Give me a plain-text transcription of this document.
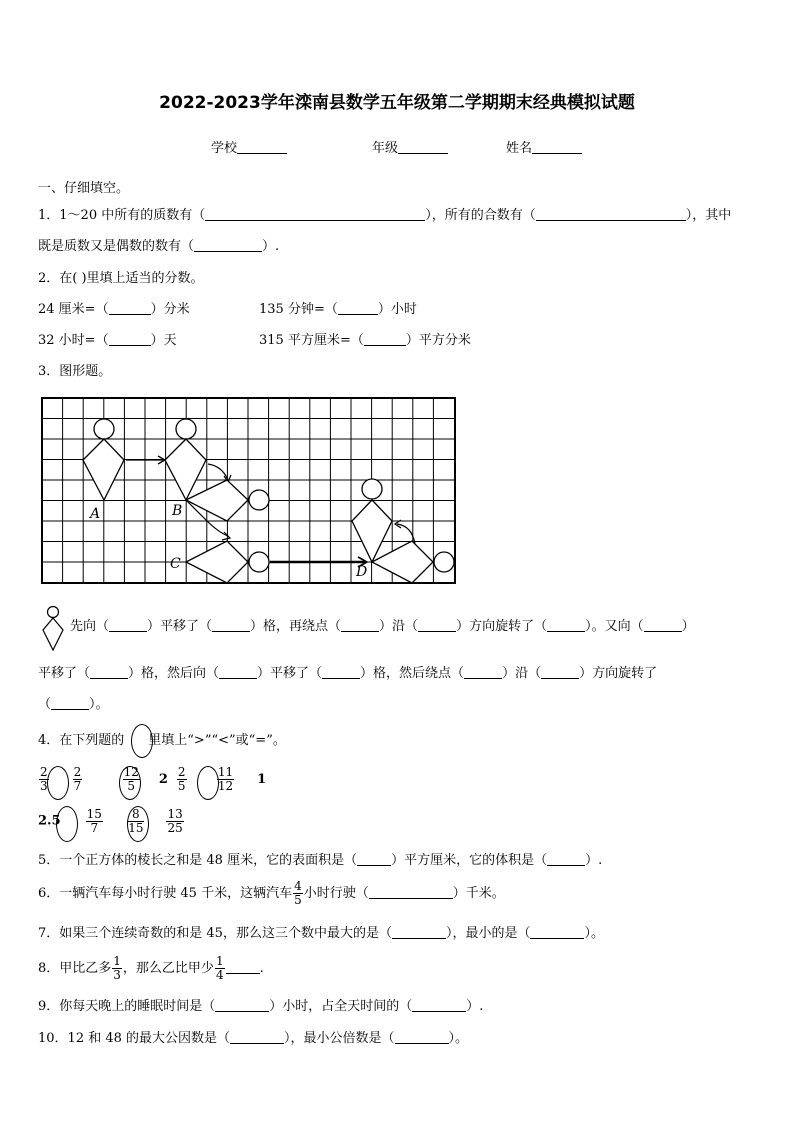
2022-2023学年滦南县数学五年级第二学期期末经典模拟试题
学校	年级	姓名
一、仔细填空。
1．1～20 中所有的质数有（	），所有的合数有（	），其中
既是质数又是偶数的数有（	）.
2．在( )里填上适当的分数。
24 厘米=（	）分米	135 分钟=（	）小时
32 小时=（	）天	315 平方厘米=（	）平方分米
3．图形题。
A	B
C	D
先向（	）平移了（	）格，再绕点（	）沿（	）方向旋转了（	）。又向（	）
平移了（	）格，然后向（	）平移了（	）格，然后绕点（	）沿（	）方向旋转了
（	）。
4．在下列题的 里填上“>”“<”或“=”。
$\frac{2}{3} \frac{2}{7}$
	$\frac{12}{5} 2 \frac{2}{5}$
	$\frac{11}{12} 1$
$2.5 \frac{15}{7}$
$\frac{8}{15} \frac{13}{25}$
5．一个正方体的棱长之和是 48 厘米，它的表面积是（	）平方厘米，它的体积是（	）.
6．一辆汽车每小时行驶 45 千米，这辆汽车 $\frac{4}{5}$ 小时行驶（	）千米。
7．如果三个连续奇数的和是 45，那么这三个数中最大的是（	），最小的是（	）。
8．甲比乙多 $\frac{1}{3}$ ，那么乙比甲少 $\frac{1}{4}$	.
9．你每天晚上的睡眠时间是（	）小时，占全天时间的（	）.
10．12 和 48 的最大公因数是（	），最小公倍数是（	）。
